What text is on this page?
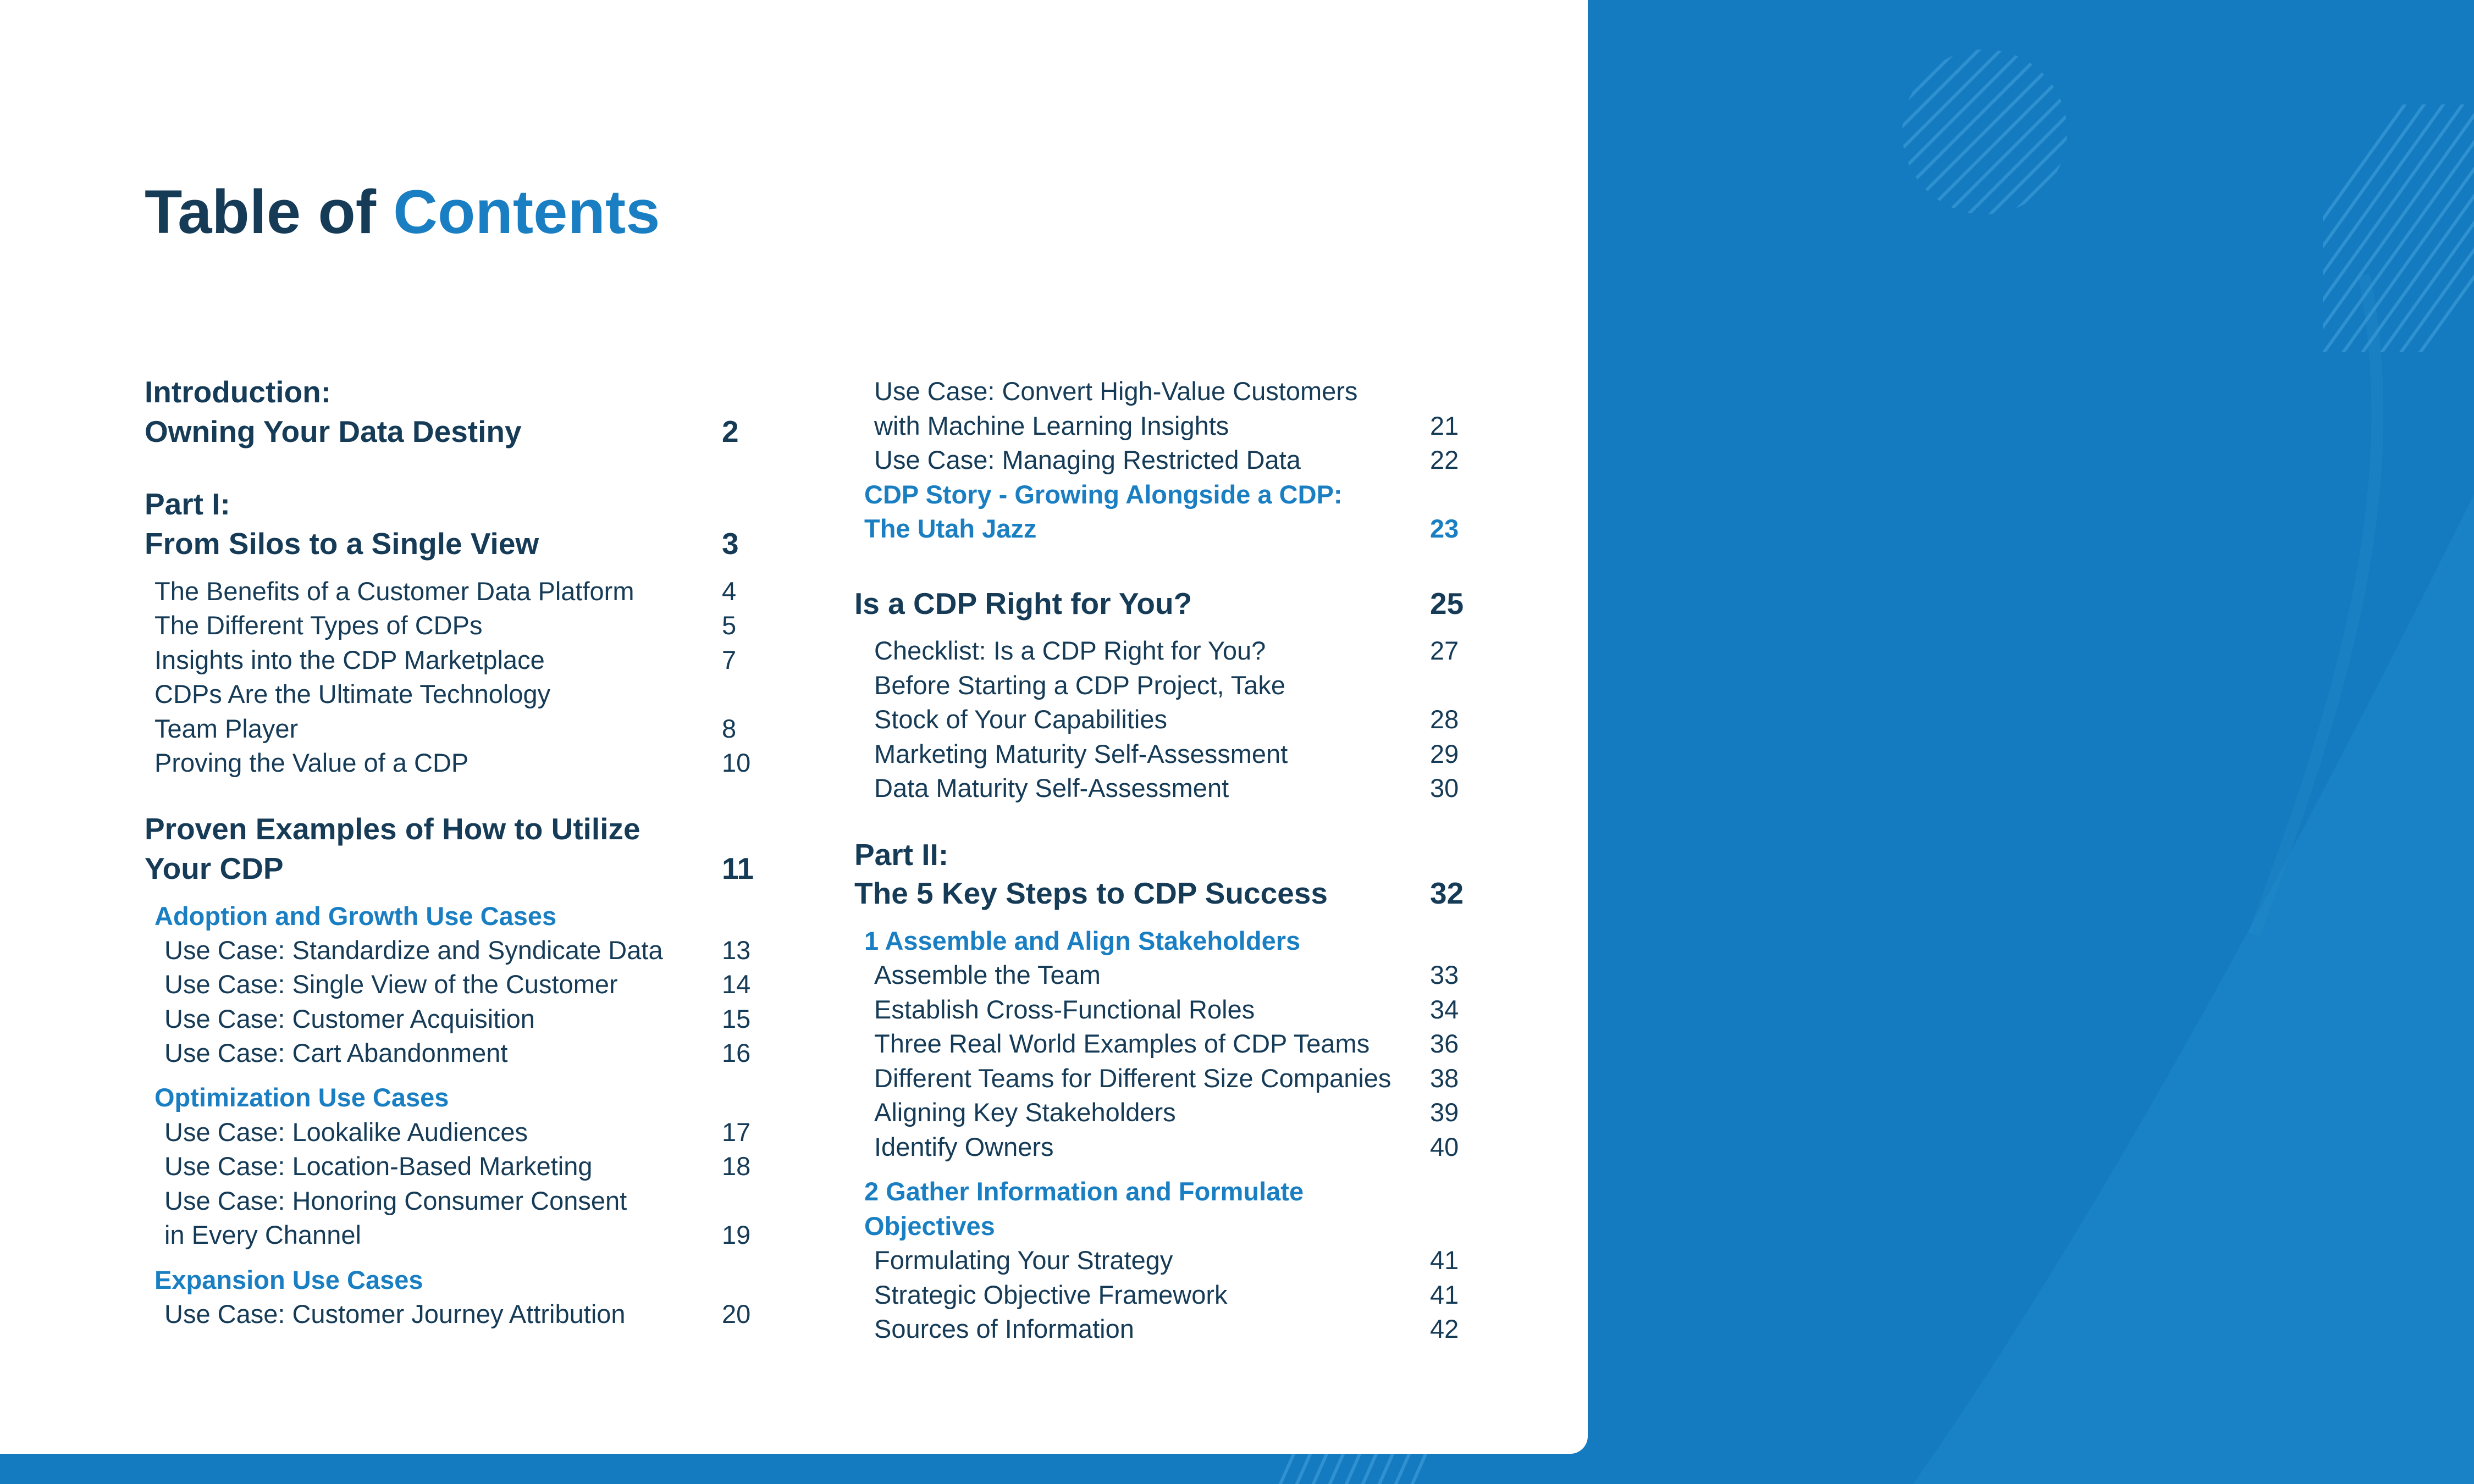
Table of Contents
Introduction:
Owning Your Data Destiny	2
Part I:
From Silos to a Single View	3
The Benefits of a Customer Data Platform	4
The Different Types of CDPs	5
Insights into the CDP Marketplace	7
CDPs Are the Ultimate Technology
Team Player	8
Proving the Value of a CDP	10
Proven Examples of How to Utilize
Your CDP	11
Adoption and Growth Use Cases
Use Case: Standardize and Syndicate Data 13
Use Case: Single View of the Customer	14
Use Case: Customer Acquisition	15
Use Case: Cart Abandonment	16
Optimization Use Cases
Use Case: Lookalike Audiences	17
Use Case: Location-Based Marketing	18
Use Case: Honoring Consumer Consent
in Every Channel	19
Expansion Use Cases
Use Case: Customer Journey Attribution	20
Use Case: Convert High-Value Customers
with Machine Learning Insights	21
Use Case: Managing Restricted Data	22
CDP Story - Growing Alongside a CDP:
The Utah Jazz	23
Is a CDP Right for You?	25
Checklist: Is a CDP Right for You?	27
Before Starting a CDP Project, Take
Stock of Your Capabilities	28
Marketing Maturity Self-Assessment	29
Data Maturity Self-Assessment	30
Part II:
The 5 Key Steps to CDP Success	32
1 Assemble and Align Stakeholders
Assemble the Team	33
Establish Cross-Functional Roles	34
Three Real World Examples of CDP Teams 36
Different Teams for Different Size Companies 38
Aligning Key Stakeholders	39
Identify Owners	40
2 Gather Information and Formulate
Objectives
Formulating Your Strategy	41
Strategic Objective Framework	41
Sources of Information	42
